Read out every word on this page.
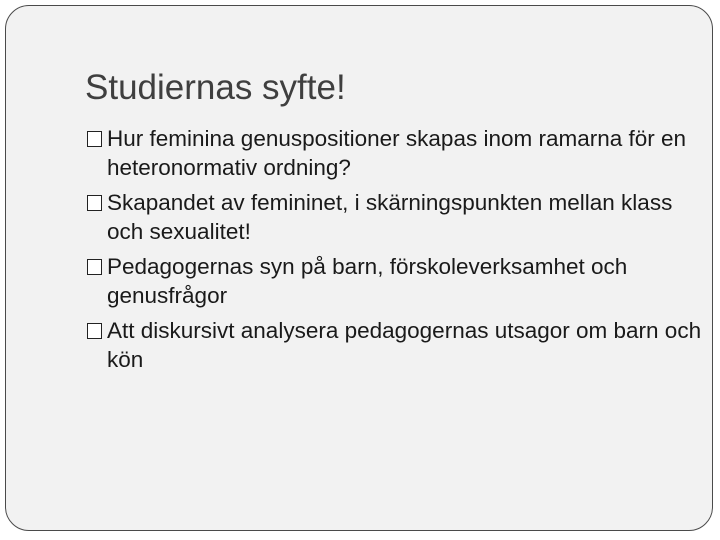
Studiernas syfte!
Hur feminina genuspositioner skapas inom ramarna för en heteronormativ ordning?
Skapandet av femininet, i skärningspunkten mellan klass och sexualitet!
Pedagogernas syn på barn, förskoleverksamhet och genusfrågor
Att diskursivt analysera pedagogernas utsagor om barn och kön
